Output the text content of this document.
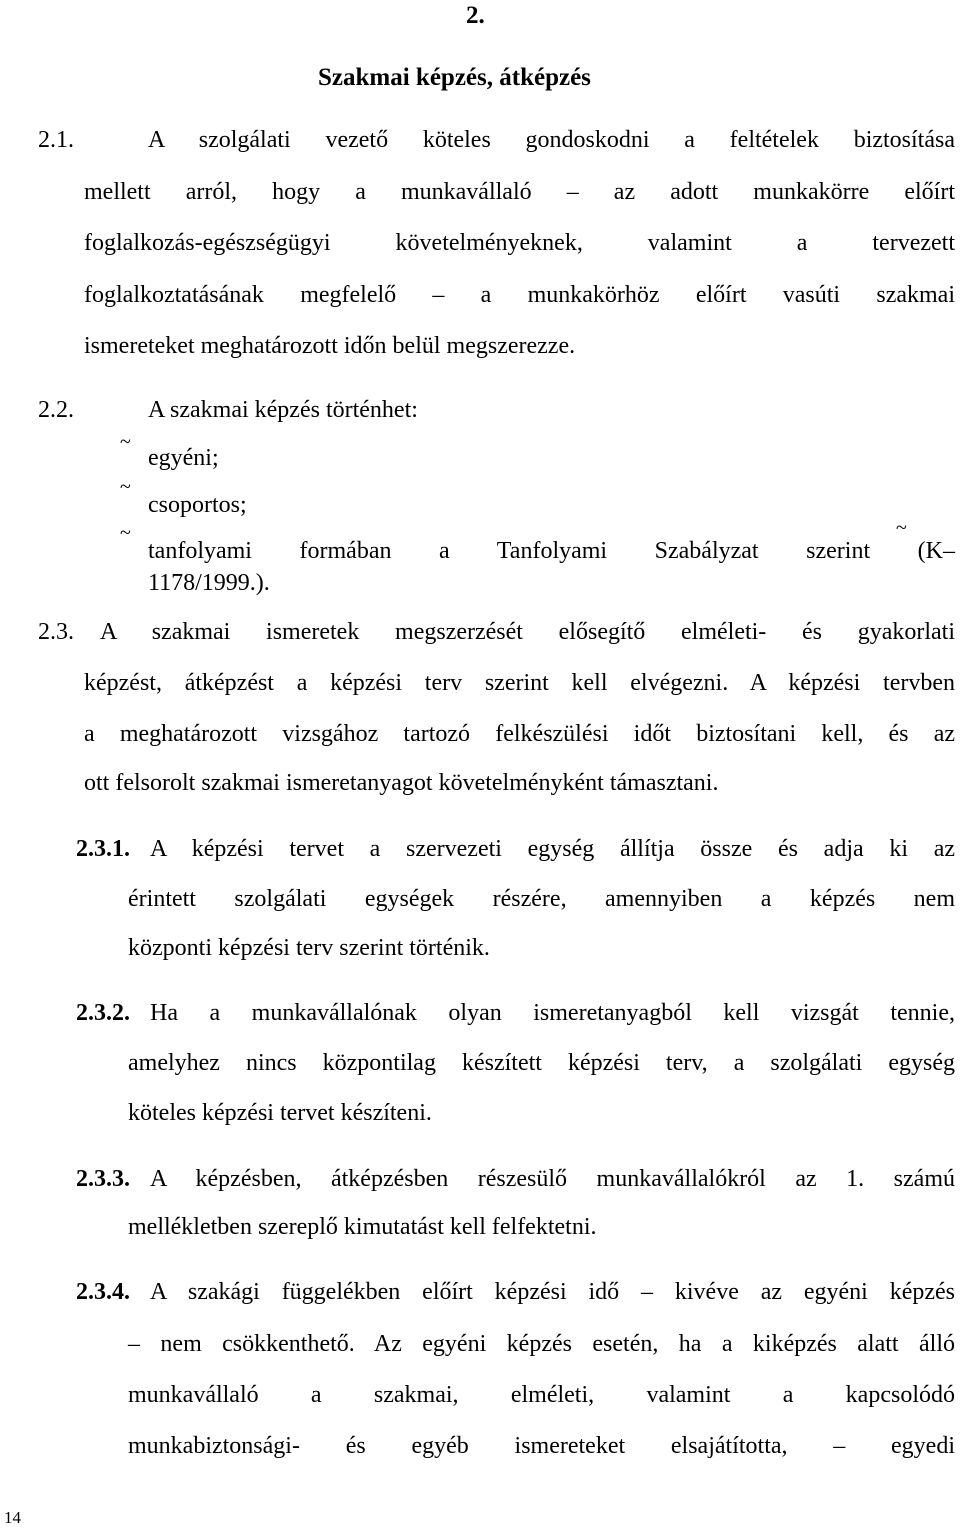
2.
Szakmai képzés, átképzés
2.1.	A szolgálati vezető köteles gondoskodni a feltételek biztosítása
mellett arról, hogy a munkavállaló – az adott munkakörre előírt
foglalkozás-egészségügyi követelményeknek, valamint a tervezett
foglalkoztatásának megfelelő – a munkakörhöz előírt vasúti szakmai
ismereteket meghatározott időn belül megszerezze.
2.2.	A szakmai képzés történhet:
~
egyéni;
~
csoportos;
~	~
tanfolyami formában a Tanfolyami Szabályzat szerint (K–
1178/1999.).
2.3. A szakmai ismeretek megszerzését elősegítő elméleti- és gyakorlati
képzést, átképzést a képzési terv szerint kell elvégezni. A képzési tervben
a meghatározott vizsgához tartozó felkészülési időt biztosítani kell, és az
ott felsorolt szakmai ismeretanyagot követelményként támasztani.
2.3.1. A képzési tervet a szervezeti egység állítja össze és adja ki az
érintett szolgálati egységek részére, amennyiben a képzés nem
központi képzési terv szerint történik.
2.3.2. Ha a munkavállalónak olyan ismeretanyagból kell vizsgát tennie,
amelyhez nincs központilag készített képzési terv, a szolgálati egység
köteles képzési tervet készíteni.
2.3.3. A képzésben, átképzésben részesülő munkavállalókról az 1. számú
mellékletben szereplő kimutatást kell felfektetni.
2.3.4. A szakági függelékben előírt képzési idő – kivéve az egyéni képzés
– nem csökkenthető. Az egyéni képzés esetén, ha a kiképzés alatt álló
munkavállaló a szakmai, elméleti, valamint a kapcsolódó
munkabiztonsági- és egyéb ismereteket elsajátította, – egyedi
14
